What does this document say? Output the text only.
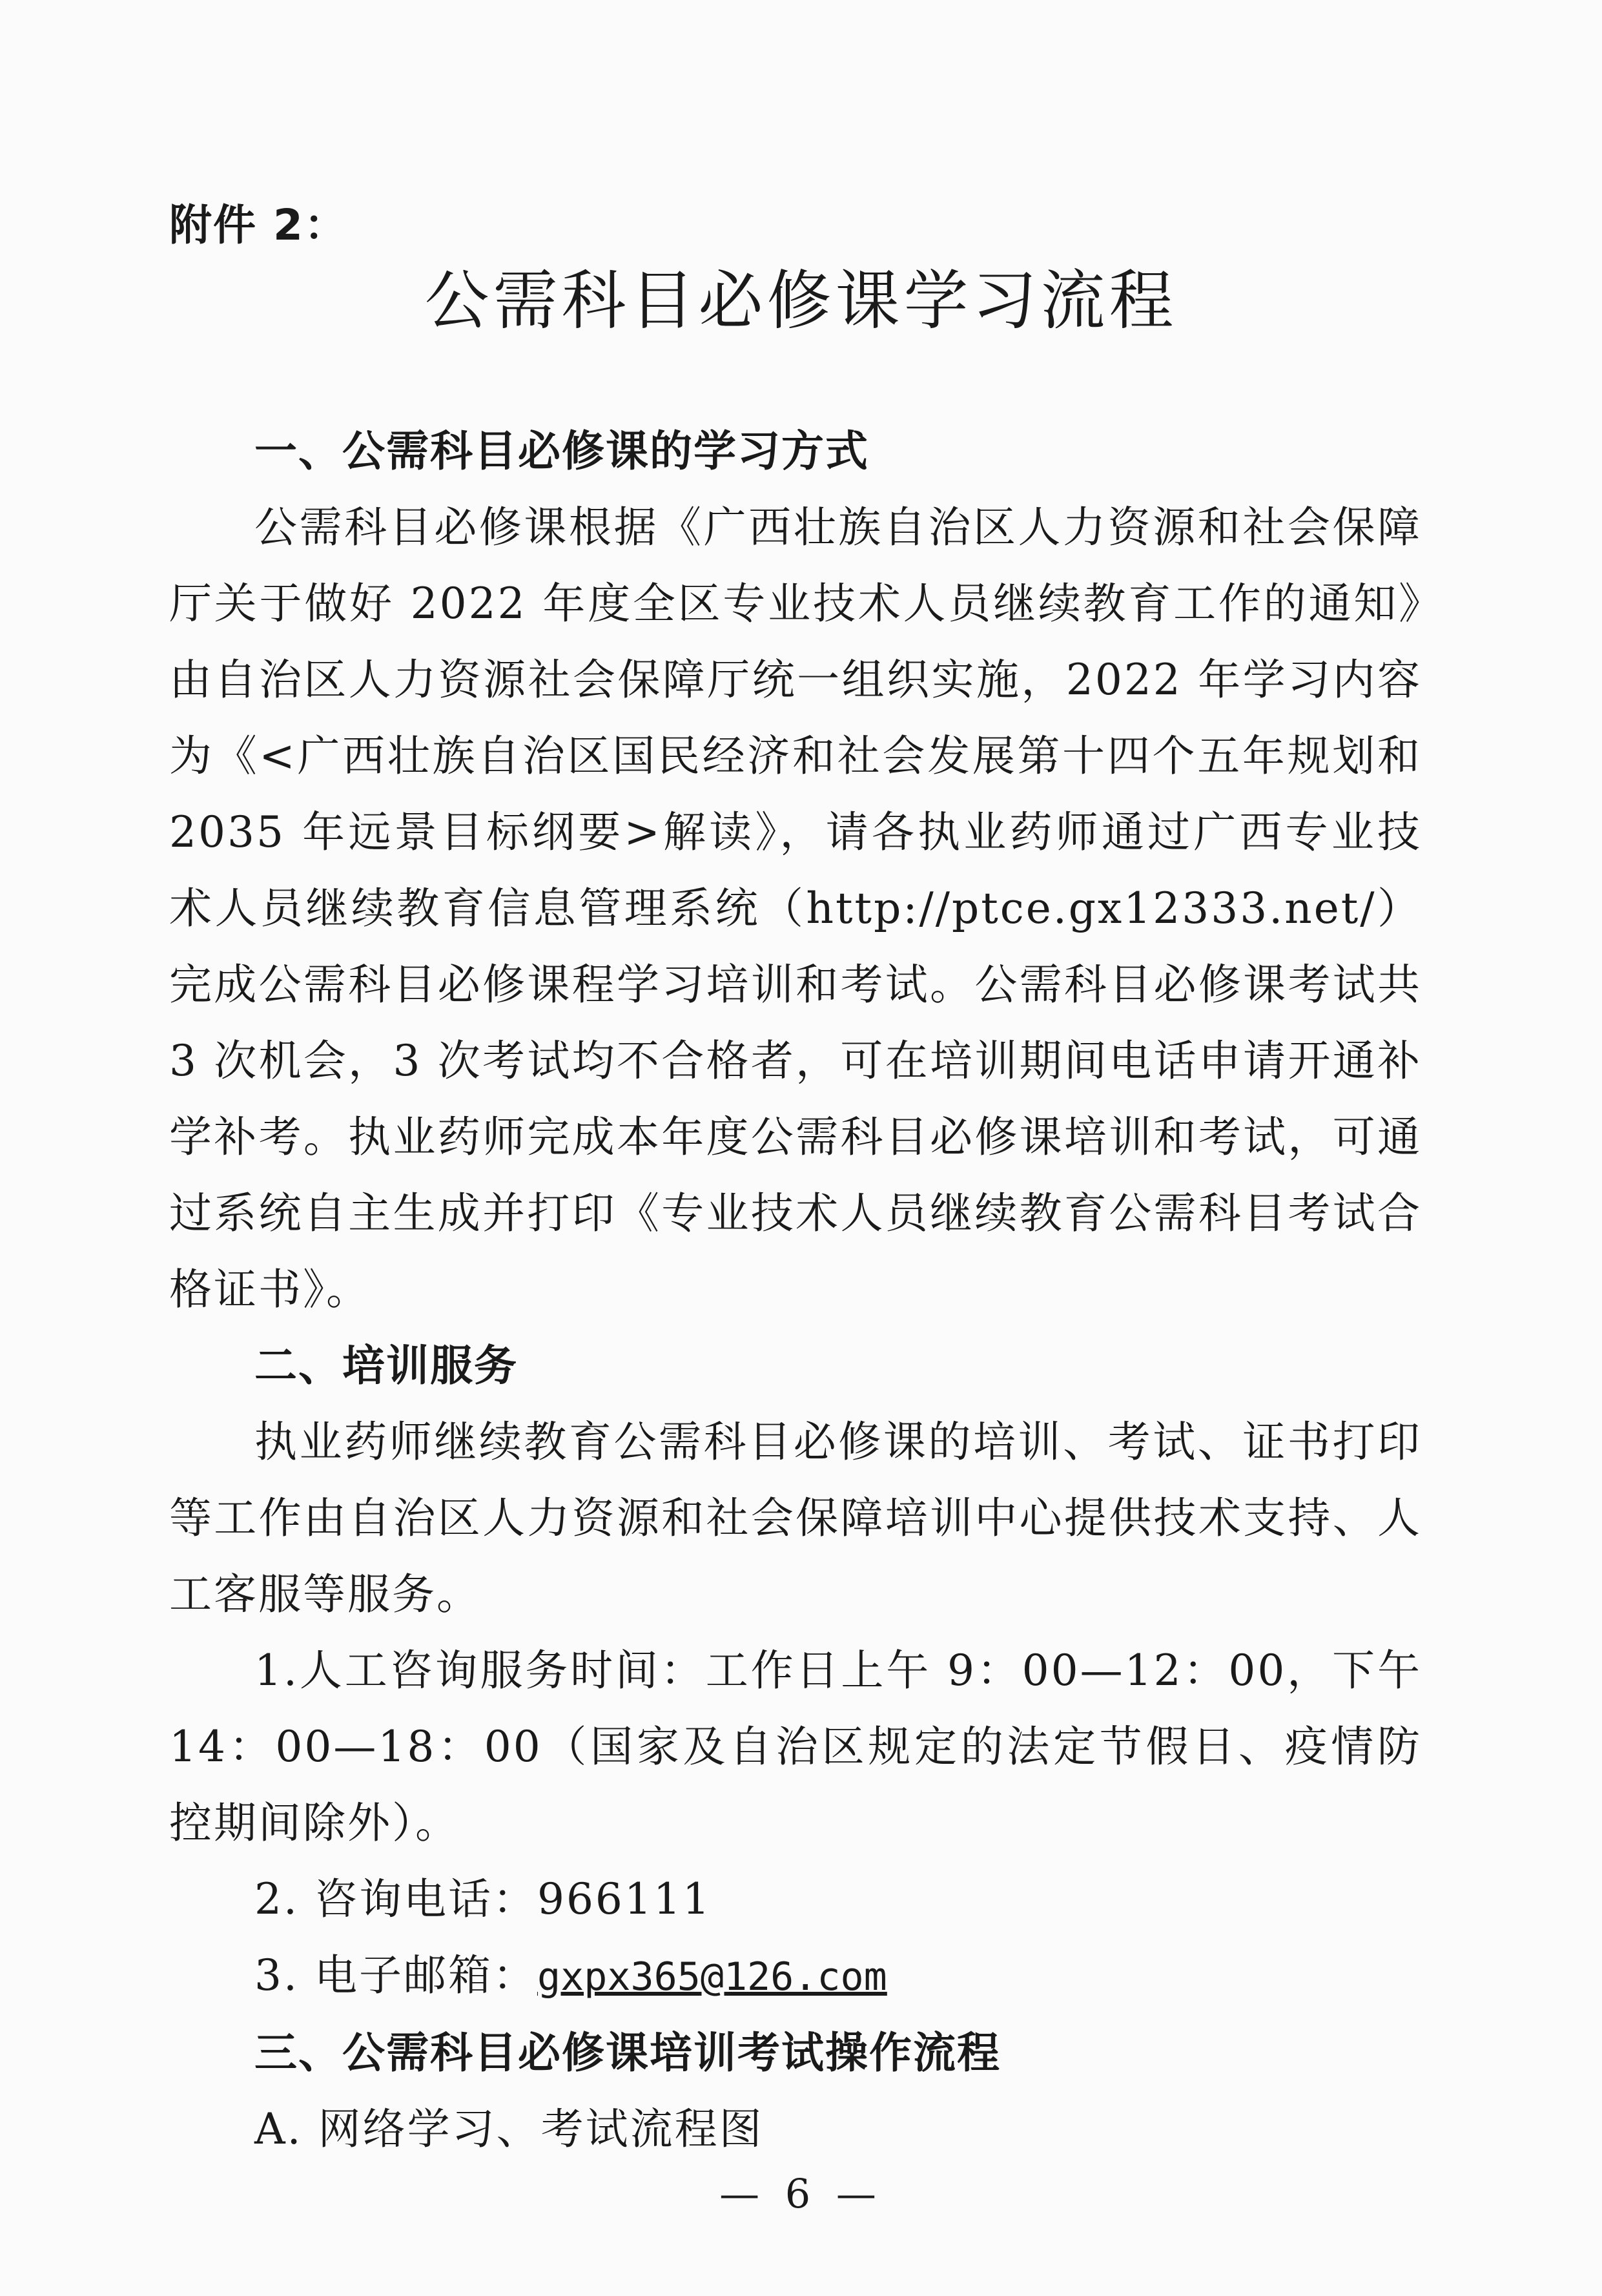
附件 2：
公需科目必修课学习流程

一、公需科目必修课的学习方式

公需科目必修课根据《广西壮族自治区人力资源和社会保障厅关于做好 2022 年度全区专业技术人员继续教育工作的通知》由自治区人力资源社会保障厅统一组织实施，2022 年学习内容为《<广西壮族自治区国民经济和社会发展第十四个五年规划和 2035 年远景目标纲要>解读》，请各执业药师通过广西专业技术人员继续教育信息管理系统（http://ptce.gx12333.net/）完成公需科目必修课程学习培训和考试。公需科目必修课考试共 3 次机会，3 次考试均不合格者，可在培训期间电话申请开通补学补考。执业药师完成本年度公需科目必修课培训和考试，可通过系统自主生成并打印《专业技术人员继续教育公需科目考试合格证书》。

二、培训服务

执业药师继续教育公需科目必修课的培训、考试、证书打印等工作由自治区人力资源和社会保障培训中心提供技术支持、人工客服等服务。

1.人工咨询服务时间：工作日上午 9：00—12：00，下午 14：00—18：00（国家及自治区规定的法定节假日、疫情防控期间除外）。

2. 咨询电话：966111

3. 电子邮箱：gxpx365@126.com

三、公需科目必修课培训考试操作流程

A. 网络学习、考试流程图

— 6 —
